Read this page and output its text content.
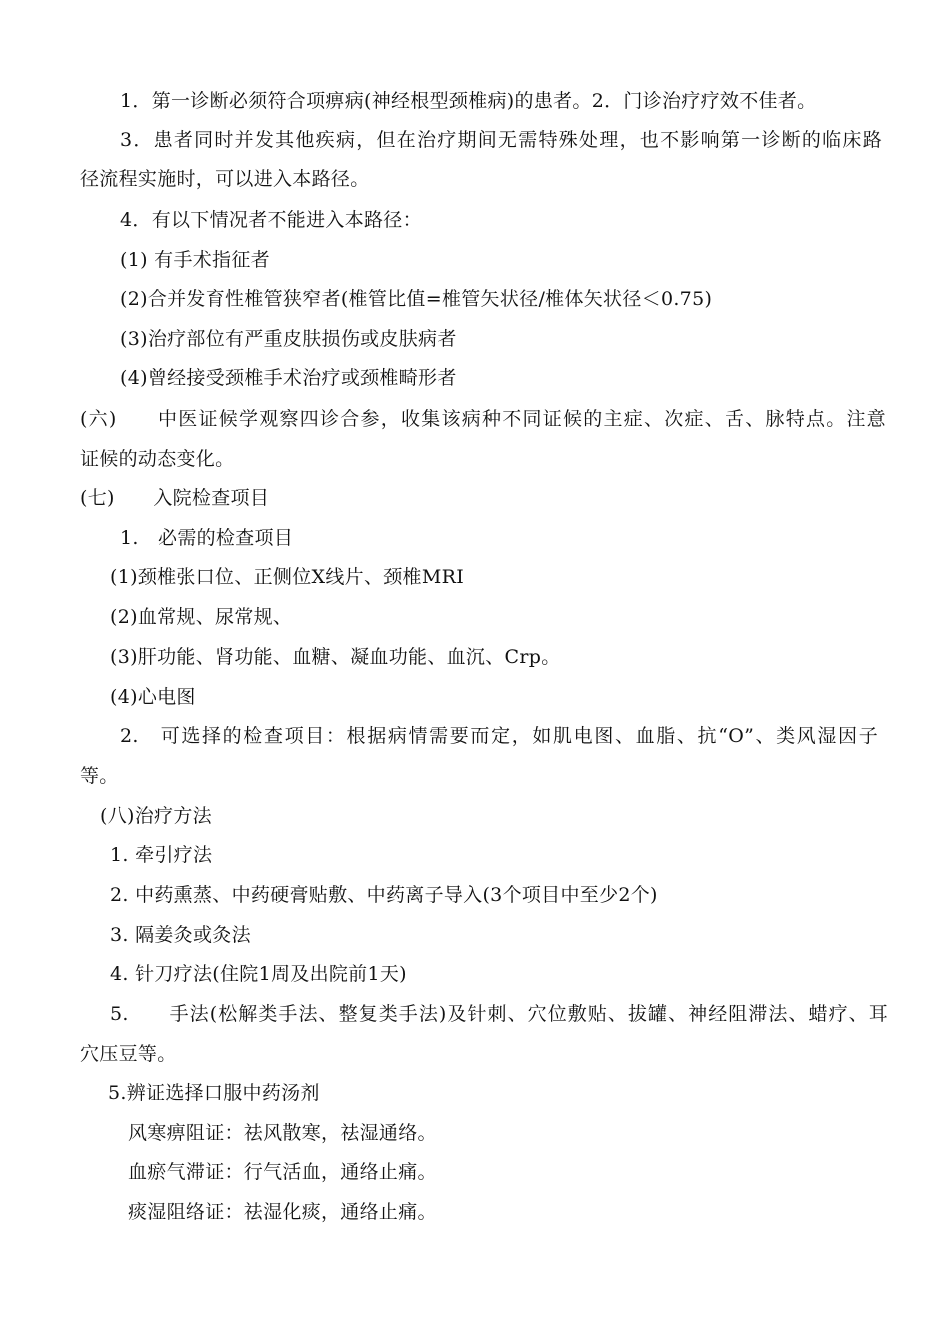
1．第一诊断必须符合项痹病(神经根型颈椎病)的患者。2．门诊治疗疗效不佳者。
3．患者同时并发其他疾病，但在治疗期间无需特殊处理，也不影响第一诊断的临床路
径流程实施时，可以进入本路径。
4．有以下情况者不能进入本路径：
(1) 有手术指征者
(2)合并发育性椎管狭窄者(椎管比值=椎管矢状径/椎体矢状径＜0.75)
(3)治疗部位有严重皮肤损伤或皮肤病者
(4)曾经接受颈椎手术治疗或颈椎畸形者
(六)　　中医证候学观察四诊合参，收集该病种不同证候的主症、次症、舌、脉特点。注意
证候的动态变化。
(七)　　入院检查项目
1.　必需的检查项目
(1)颈椎张口位、正侧位X线片、颈椎MRI
(2)血常规、尿常规、
(3)肝功能、肾功能、血糖、凝血功能、血沉、Crp。
(4)心电图
2.　可选择的检查项目：根据病情需要而定，如肌电图、血脂、抗“O”、类风湿因子
等。
(八)治疗方法
1. 牵引疗法
2. 中药熏蒸、中药硬膏贴敷、中药离子导入(3个项目中至少2个)
3. 隔姜灸或灸法
4. 针刀疗法(住院1周及出院前1天)
5.　　手法(松解类手法、整复类手法)及针刺、穴位敷贴、拔罐、神经阻滞法、蜡疗、耳
穴压豆等。
5.辨证选择口服中药汤剂
风寒痹阻证：祛风散寒，祛湿通络。
血瘀气滞证：行气活血，通络止痛。
痰湿阻络证：祛湿化痰，通络止痛。
